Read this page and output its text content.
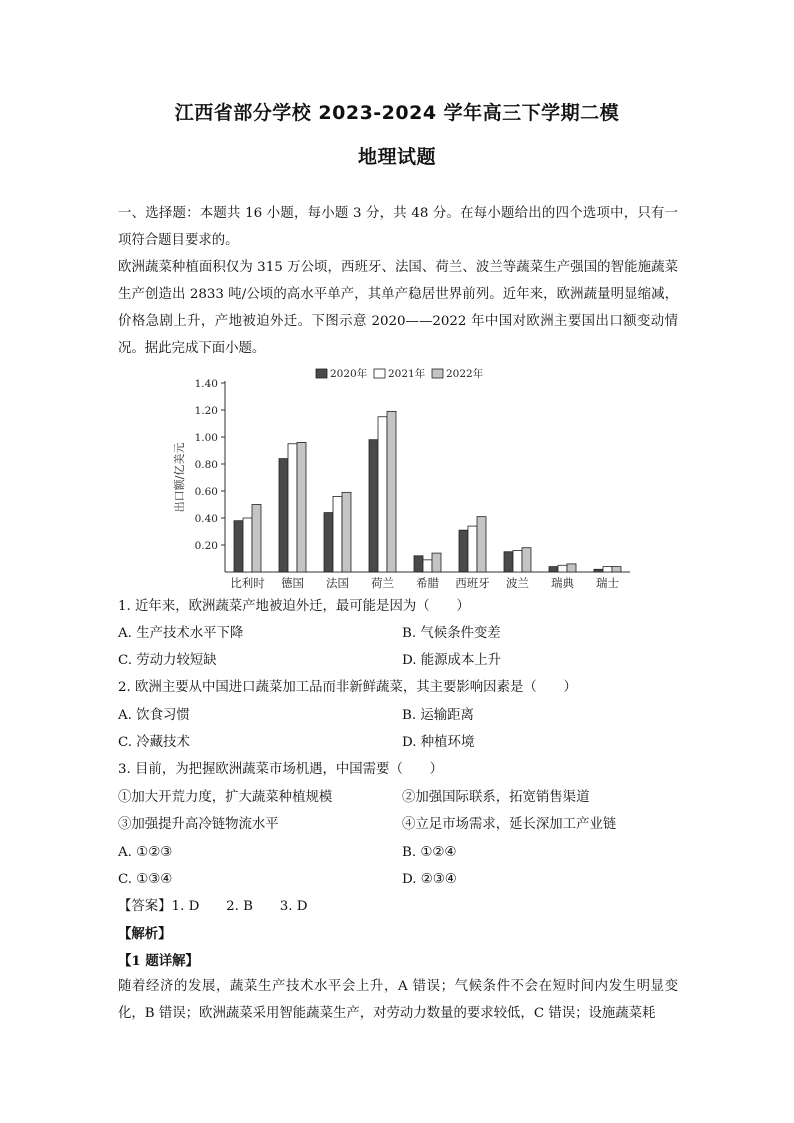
江西省部分学校 2023-2024 学年高三下学期二模
地理试题
一、选择题：本题共 16 小题，每小题 3 分，共 48 分。在每小题给出的四个选项中，只有一项符合题目要求的。
欧洲蔬菜种植面积仅为 315 万公顷，西班牙、法国、荷兰、波兰等蔬菜生产强国的智能施蔬菜生产创造出 2833 吨/公顷的高水平单产，其单产稳居世界前列。近年来，欧洲蔬量明显缩减，价格急剧上升，产地被迫外迁。下图示意 2020——2022 年中国对欧洲主要国出口额变动情况。据此完成下面小题。
0.20
0.40
0.60
0.80
1.00
1.20
1.40
出口额/亿美元
比利时 德国 法国 荷兰 希腊 西班牙 波兰 瑞典 瑞士
2020年 2021年 2022年
1. 近年来，欧洲蔬菜产地被迫外迁，最可能是因为（　　）
A. 生产技术水平下降	B. 气候条件变差
C. 劳动力较短缺	D. 能源成本上升
2. 欧洲主要从中国进口蔬菜加工品而非新鲜蔬菜，其主要影响因素是（　　）
A. 饮食习惯	B. 运输距离
C. 冷藏技术	D. 种植环境
3. 目前，为把握欧洲蔬菜市场机遇，中国需要（　　）
①加大开荒力度，扩大蔬菜种植规模	②加强国际联系，拓宽销售渠道
③加强提升高冷链物流水平	④立足市场需求，延长深加工产业链
A. ①②③	B. ①②④
C. ①③④	D. ②③④
【答案】1. D　　2. B　　3. D
【解析】
【1 题详解】
随着经济的发展，蔬菜生产技术水平会上升，A 错误；气候条件不会在短时间内发生明显变化，B 错误；欧洲蔬菜采用智能蔬菜生产，对劳动力数量的要求较低，C 错误；设施蔬菜耗
